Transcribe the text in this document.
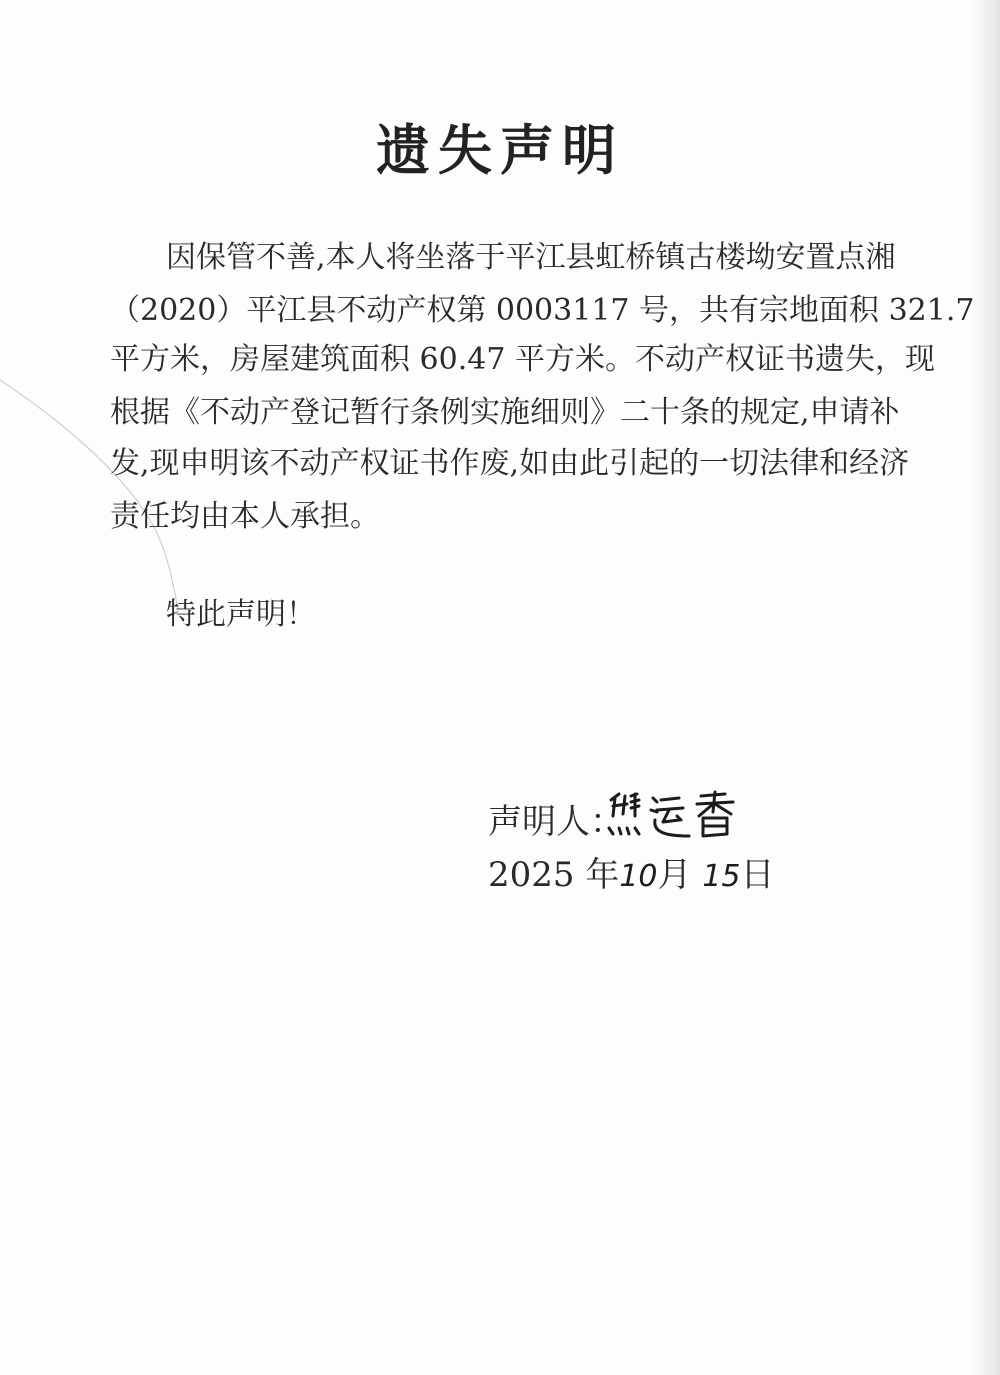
遗失声明
因保管不善,本人将坐落于平江县虹桥镇古楼坳安置点湘
（2020）平江县不动产权第 0003117 号，共有宗地面积 321.7
平方米，房屋建筑面积 60.47 平方米。不动产权证书遗失，现
根据《不动产登记暂行条例实施细则》二十条的规定,申请补
发,现申明该不动产权证书作废,如由此引起的一切法律和经济
责任均由本人承担。
特此声明！
声明人：
熊运香
2025 年10月 15日
